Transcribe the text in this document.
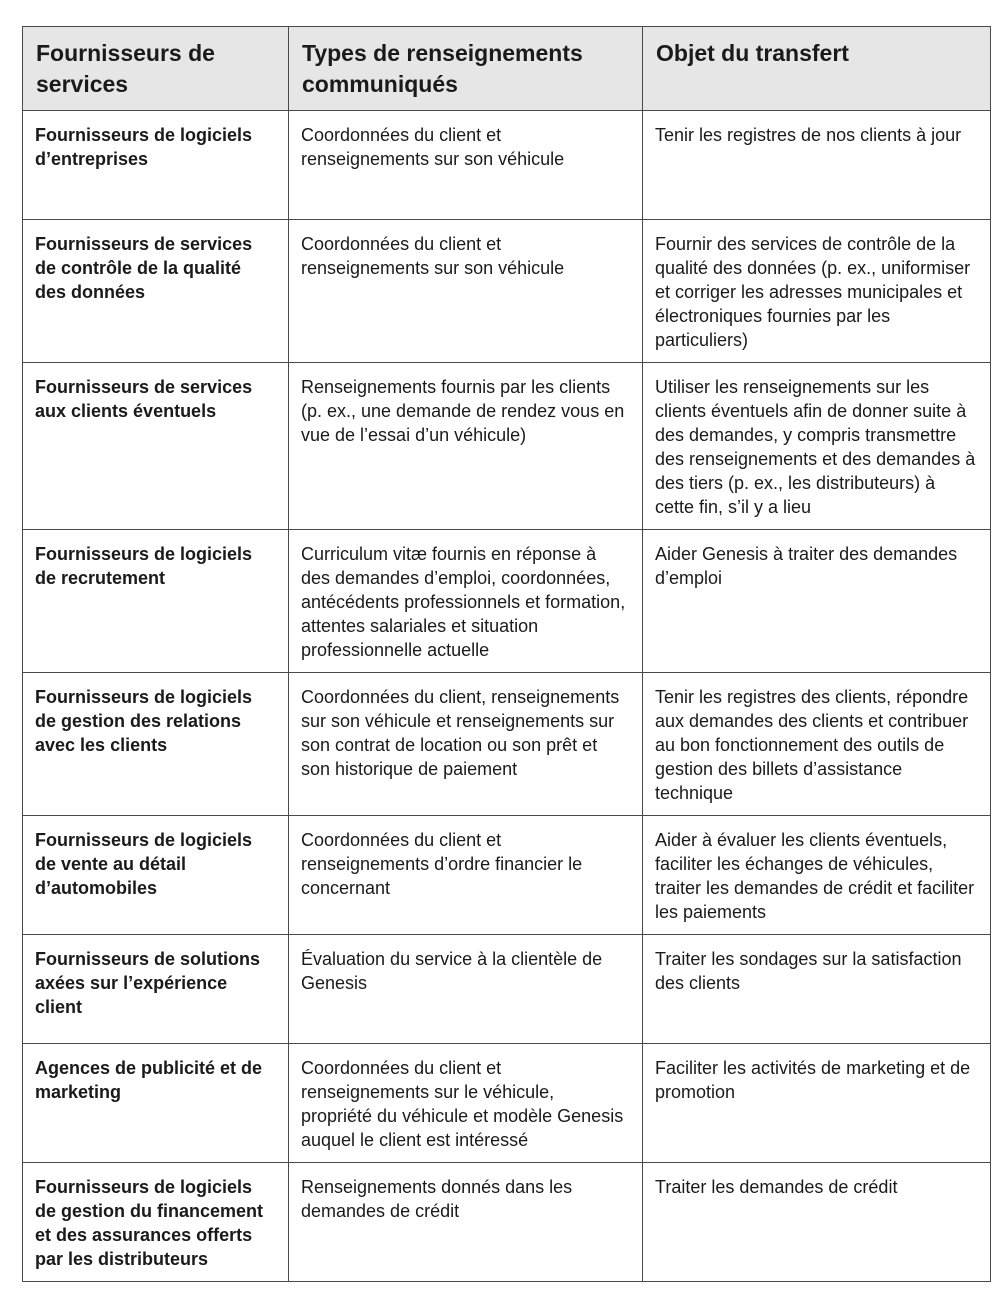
Fournisseurs de services	Types de renseignements communiqués	Objet du transfert
Fournisseurs de logiciels d’entreprises	Coordonnées du client et renseignements sur son véhicule	Tenir les registres de nos clients à jour
Fournisseurs de services de contrôle de la qualité des données	Coordonnées du client et renseignements sur son véhicule	Fournir des services de contrôle de la qualité des données (p. ex., uniformiser et corriger les adresses municipales et électroniques fournies par les particuliers)
Fournisseurs de services aux clients éventuels	Renseignements fournis par les clients (p. ex., une demande de rendez vous en vue de l’essai d’un véhicule)	Utiliser les renseignements sur les clients éventuels afin de donner suite à des demandes, y compris transmettre des renseignements et des demandes à des tiers (p. ex., les distributeurs) à cette fin, s’il y a lieu
Fournisseurs de logiciels de recrutement	Curriculum vitæ fournis en réponse à des demandes d’emploi, coordonnées, antécédents professionnels et formation, attentes salariales et situation professionnelle actuelle	Aider Genesis à traiter des demandes d’emploi
Fournisseurs de logiciels de gestion des relations avec les clients	Coordonnées du client, renseignements sur son véhicule et renseignements sur son contrat de location ou son prêt et son historique de paiement	Tenir les registres des clients, répondre aux demandes des clients et contribuer au bon fonctionnement des outils de gestion des billets d’assistance technique
Fournisseurs de logiciels de vente au détail d’automobiles	Coordonnées du client et renseignements d’ordre financier le concernant	Aider à évaluer les clients éventuels, faciliter les échanges de véhicules, traiter les demandes de crédit et faciliter les paiements
Fournisseurs de solutions axées sur l’expérience client	Évaluation du service à la clientèle de Genesis	Traiter les sondages sur la satisfaction des clients
Agences de publicité et de marketing	Coordonnées du client et renseignements sur le véhicule, propriété du véhicule et modèle Genesis auquel le client est intéressé	Faciliter les activités de marketing et de promotion
Fournisseurs de logiciels de gestion du financement et des assurances offerts par les distributeurs	Renseignements donnés dans les demandes de crédit	Traiter les demandes de crédit
